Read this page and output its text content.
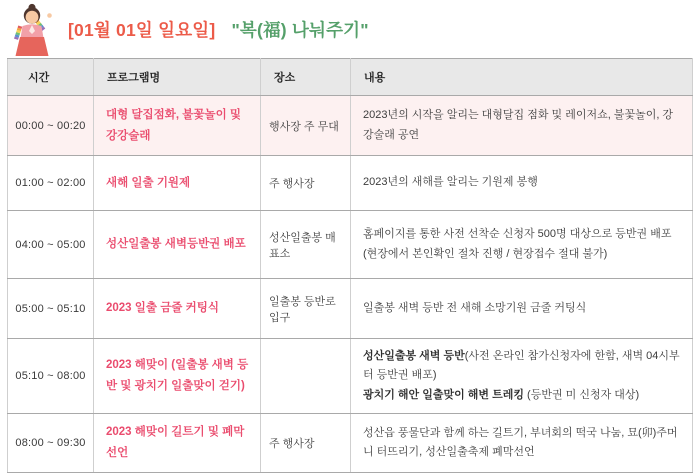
[01월 01일 일요일] "복(福) 나눠주기"
시간	프로그램명	장소	내용
00:00 ~ 00:20	대형 달집점화, 불꽃놀이 및 강강술래	행사장 주 무대	2023년의 시작을 알리는 대형달집 점화 및 레이저쇼, 불꽃놀이, 강강술래 공연

01:00 ~ 02:00	새해 일출 기원제	주 행사장	2023년의 새해를 알리는 기원제 봉행

04:00 ~ 05:00	성산일출봉 새벽등반권 배포	성산일출봉 매표소	홈페이지를 통한 사전 선착순 신청자 500명 대상으로 등반권 배포
(현장에서 본인확인 절차 진행 / 현장접수 절대 불가)

05:00 ~ 05:10	2023 일출 금줄 커팅식	일출봉 등반로 입구	일출봉 새벽 등반 전 새해 소망기원 금줄 커팅식

05:10 ~ 08:00	2023 해맞이 (일출봉 새벽 등반 및 광치기 일출맞이 걷기)		성산일출봉 새벽 등반(사전 온라인 참가신청자에 한함, 새벽 04시부터 등반권 배포)
광치기 해안 일출맞이 해변 트레킹 (등반권 미 신청자 대상)

08:00 ~ 09:30	2023 해맞이 길트기 및 폐막선언	주 행사장	성산읍 풍물단과 함께 하는 길트기, 부녀회의 떡국 나눔, 묘(卯)주머니 터뜨리기, 성산일출축제 폐막선언
